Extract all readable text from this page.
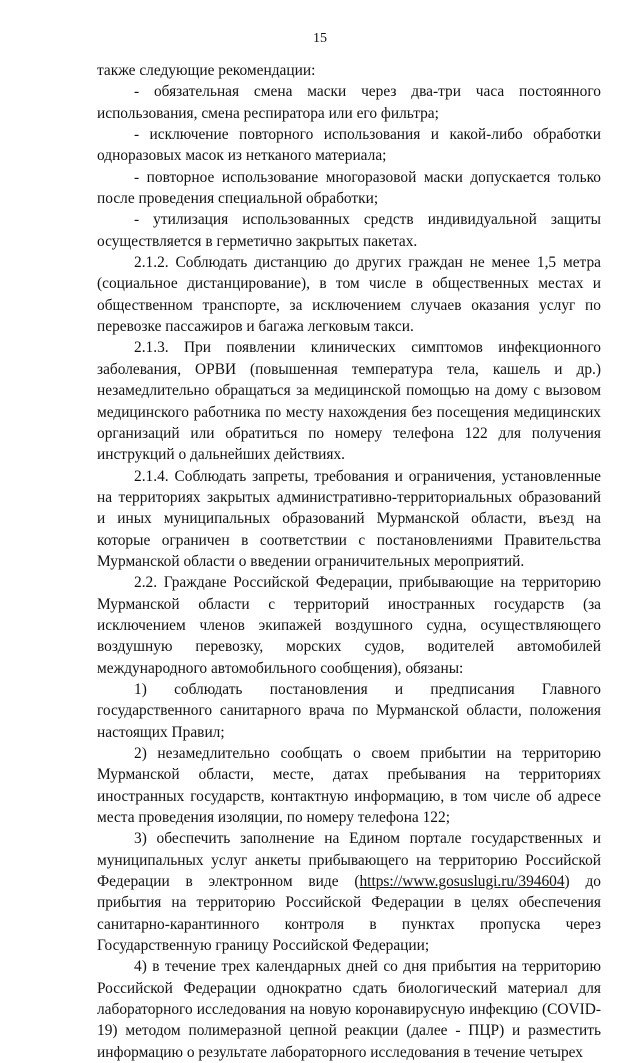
15

также следующие рекомендации:

- обязательная смена маски через два-три часа постоянного использования, смена респиратора или его фильтра;

- исключение повторного использования и какой-либо обработки одноразовых масок из нетканого материала;

- повторное использование многоразовой маски допускается только после проведения специальной обработки;

- утилизация использованных средств индивидуальной защиты осуществляется в герметично закрытых пакетах.

2.1.2. Соблюдать дистанцию до других граждан не менее 1,5 метра (социальное дистанцирование), в том числе в общественных местах и общественном транспорте, за исключением случаев оказания услуг по перевозке пассажиров и багажа легковым такси.

2.1.3. При появлении клинических симптомов инфекционного заболевания, ОРВИ (повышенная температура тела, кашель и др.) незамедлительно обращаться за медицинской помощью на дому с вызовом медицинского работника по месту нахождения без посещения медицинских организаций или обратиться по номеру телефона 122 для получения инструкций о дальнейших действиях.

2.1.4. Соблюдать запреты, требования и ограничения, установленные на территориях закрытых административно-территориальных образований и иных муниципальных образований Мурманской области, въезд на которые ограничен в соответствии с постановлениями Правительства Мурманской области о введении ограничительных мероприятий.

2.2. Граждане Российской Федерации, прибывающие на территорию Мурманской области с территорий иностранных государств (за исключением членов экипажей воздушного судна, осуществляющего воздушную перевозку, морских судов, водителей автомобилей международного автомобильного сообщения), обязаны:

1) соблюдать постановления и предписания Главного государственного санитарного врача по Мурманской области, положения настоящих Правил;

2) незамедлительно сообщать о своем прибытии на территорию Мурманской области, месте, датах пребывания на территориях иностранных государств, контактную информацию, в том числе об адресе места проведения изоляции, по номеру телефона 122;

3) обеспечить заполнение на Едином портале государственных и муниципальных услуг анкеты прибывающего на территорию Российской Федерации в электронном виде (https://www.gosuslugi.ru/394604) до прибытия на территорию Российской Федерации в целях обеспечения санитарно-карантинного контроля в пунктах пропуска через Государственную границу Российской Федерации;

4) в течение трех календарных дней со дня прибытия на территорию Российской Федерации однократно сдать биологический материал для лабораторного исследования на новую коронавирусную инфекцию (COVID-19) методом полимеразной цепной реакции (далее - ПЦР) и разместить информацию о результате лабораторного исследования в течение четырех
